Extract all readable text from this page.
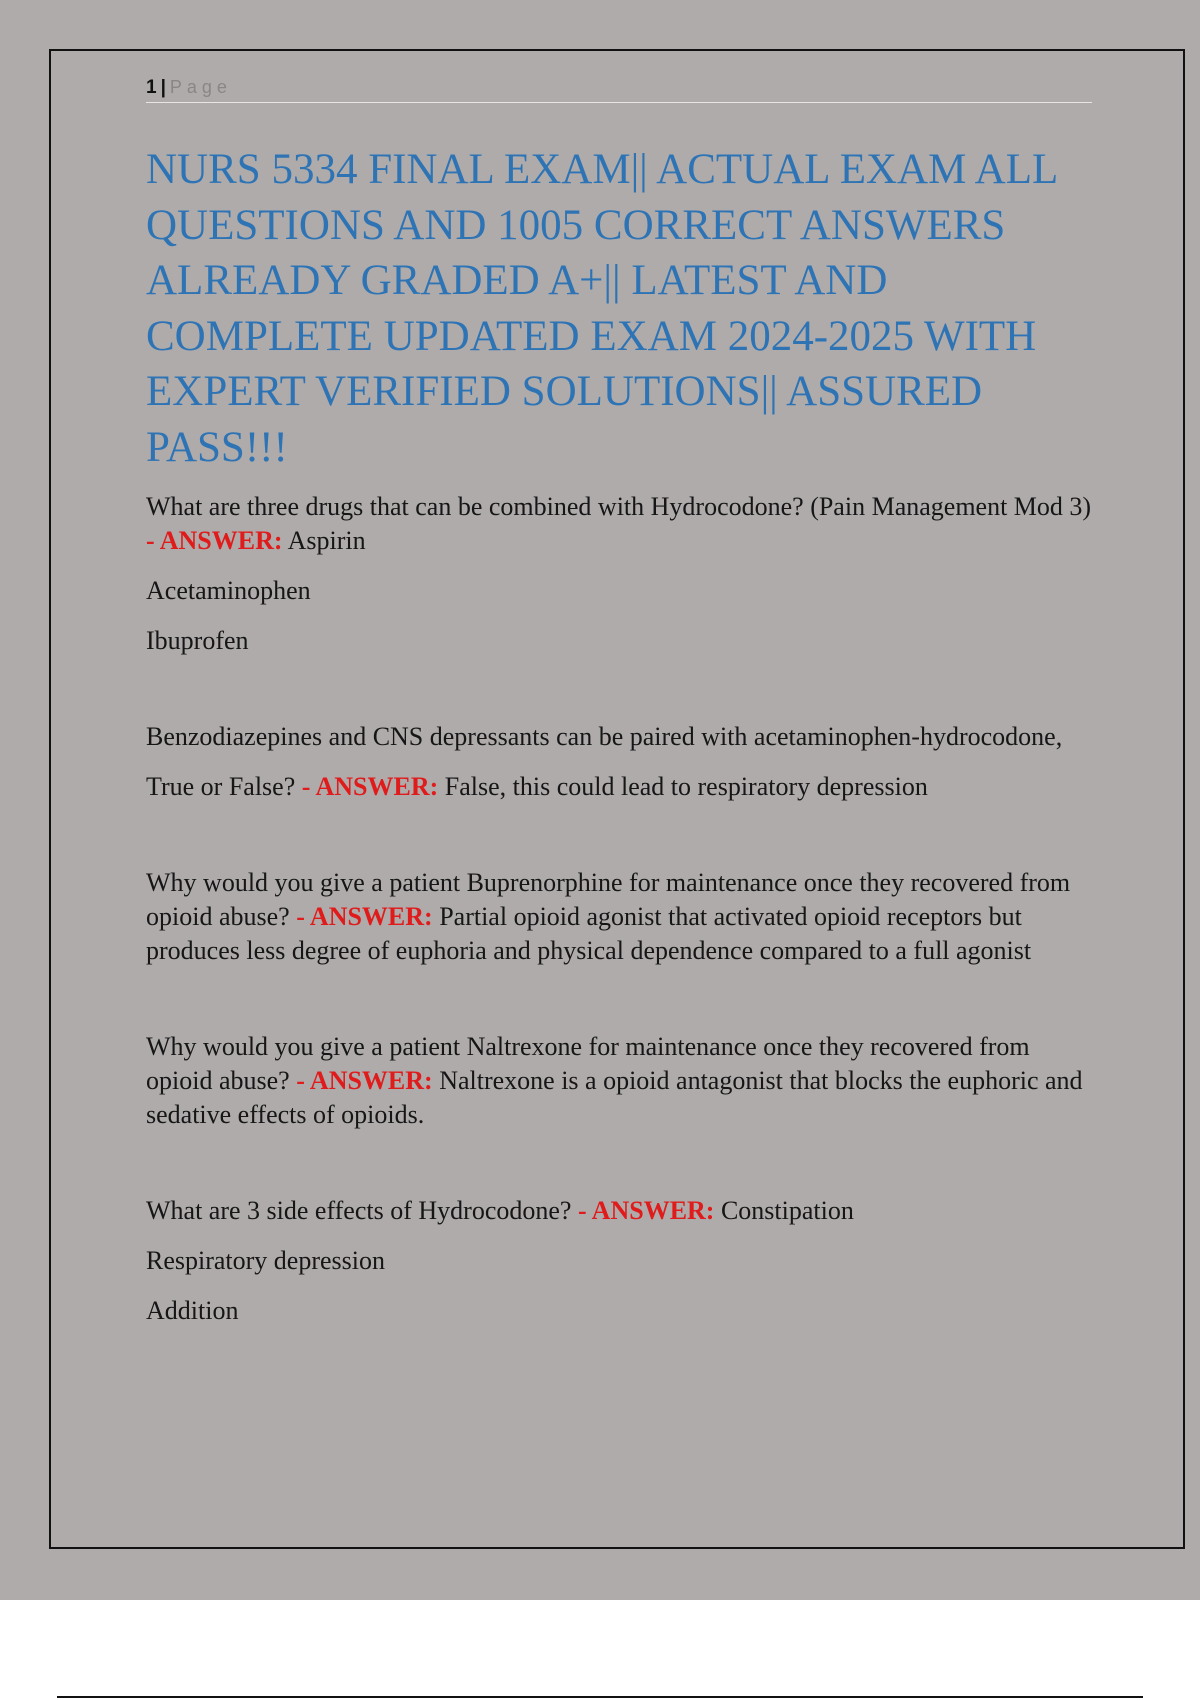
1 | Page
NURS 5334 FINAL EXAM|| ACTUAL EXAM ALL QUESTIONS AND 1005 CORRECT ANSWERS ALREADY GRADED A+|| LATEST AND COMPLETE UPDATED EXAM 2024-2025 WITH EXPERT VERIFIED SOLUTIONS|| ASSURED PASS!!!

What are three drugs that can be combined with Hydrocodone? (Pain Management Mod 3) - ANSWER: Aspirin

Acetaminophen

Ibuprofen

Benzodiazepines and CNS depressants can be paired with acetaminophen-hydrocodone,

True or False? - ANSWER: False, this could lead to respiratory depression

Why would you give a patient Buprenorphine for maintenance once they recovered from opioid abuse? - ANSWER: Partial opioid agonist that activated opioid receptors but produces less degree of euphoria and physical dependence compared to a full agonist

Why would you give a patient Naltrexone for maintenance once they recovered from opioid abuse? - ANSWER: Naltrexone is a opioid antagonist that blocks the euphoric and sedative effects of opioids.

What are 3 side effects of Hydrocodone? - ANSWER: Constipation

Respiratory depression

Addition
